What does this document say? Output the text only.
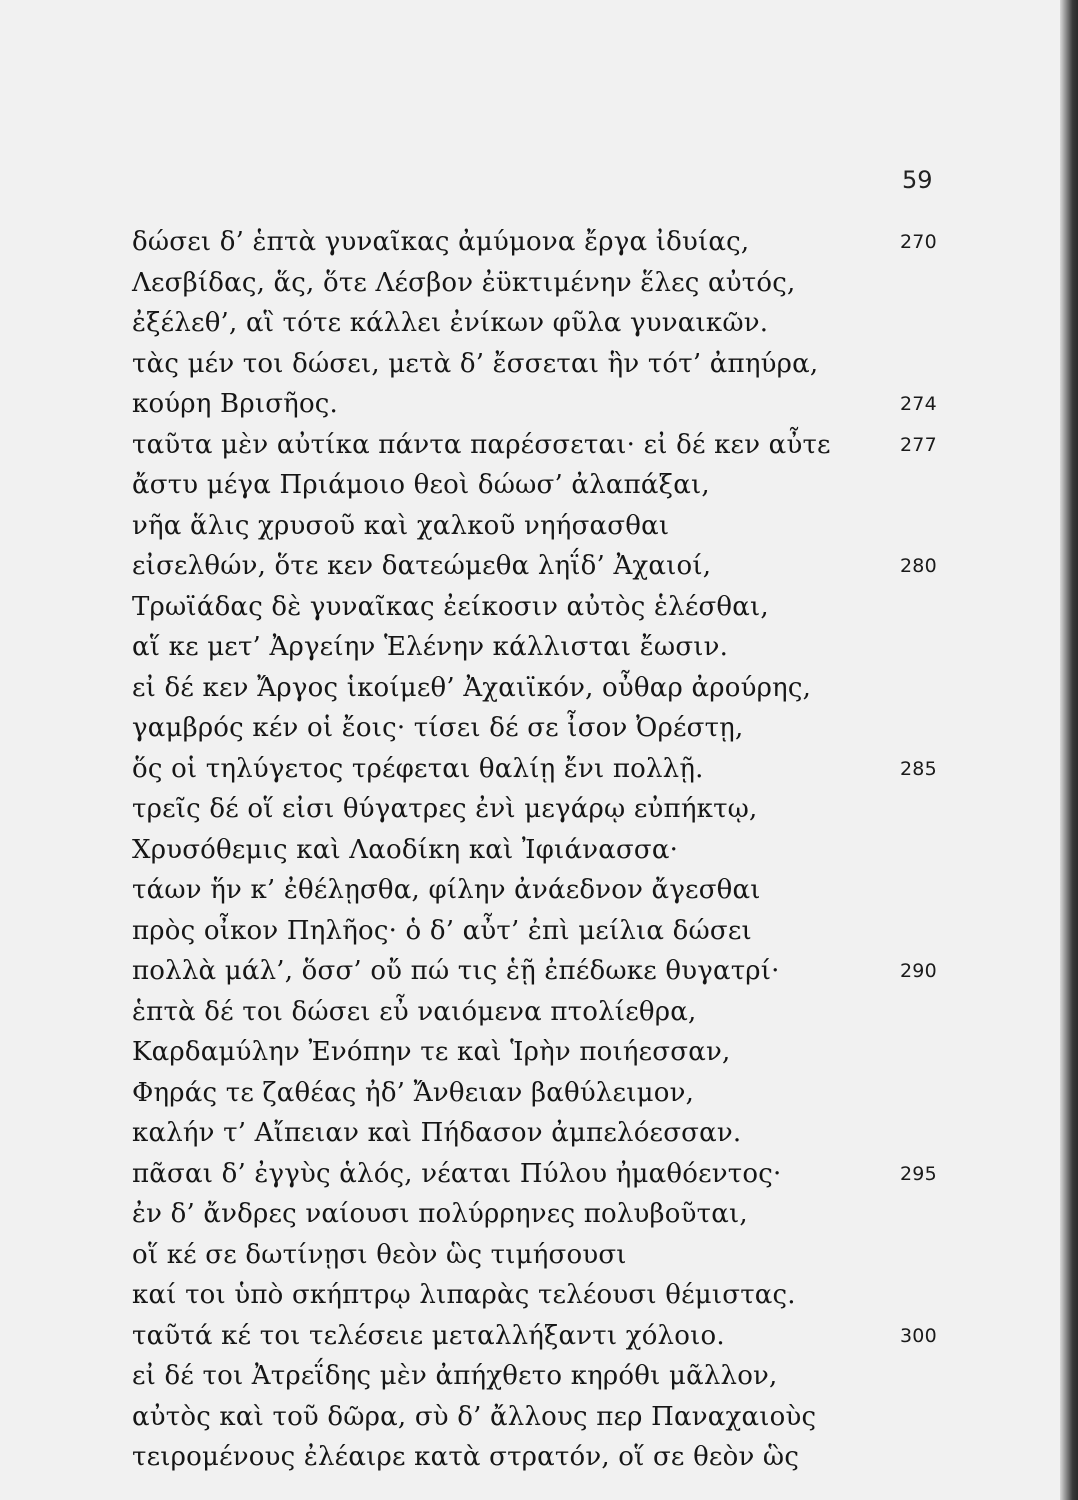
59
δώσει δ’ ἑπτὰ γυναῖκας ἀμύμονα ἔργα ἰδυίας,	270
Λεσβίδας, ἅς, ὅτε Λέσβον ἐϋκτιμένην ἕλες αὐτός,
ἐξέλεθ’, αἳ τότε κάλλει ἐνίκων φῦλα γυναικῶν.
τὰς μέν τοι δώσει, μετὰ δ’ ἔσσεται ἣν τότ’ ἀπηύρα,
κούρη Βρισῆος.	274
ταῦτα μὲν αὐτίκα πάντα παρέσσεται· εἰ δέ κεν αὖτε	277
ἄστυ μέγα Πριάμοιο θεοὶ δώωσ’ ἀλαπάξαι,
νῆα ἅλις χρυσοῦ καὶ χαλκοῦ νηήσασθαι
εἰσελθών, ὅτε κεν δατεώμεθα ληΐδ’ Ἀχαιοί,	280
Τρωϊάδας δὲ γυναῖκας ἐείκοσιν αὐτὸς ἑλέσθαι,
αἵ κε μετ’ Ἀργείην Ἑλένην κάλλισται ἔωσιν.
εἰ δέ κεν Ἄργος ἱκοίμεθ’ Ἀχαιϊκόν, οὖθαρ ἀρούρης,
γαμβρός κέν οἱ ἔοις· τίσει δέ σε ἶσον Ὀρέστῃ,
ὅς οἱ τηλύγετος τρέφεται θαλίῃ ἔνι πολλῇ.	285
τρεῖς δέ οἵ εἰσι θύγατρες ἐνὶ μεγάρῳ εὐπήκτῳ,
Χρυσόθεμις καὶ Λαοδίκη καὶ Ἰφιάνασσα·
τάων ἥν κ’ ἐθέλῃσθα, φίλην ἀνάεδνον ἄγεσθαι
πρὸς οἶκον Πηλῆος· ὁ δ’ αὖτ’ ἐπὶ μείλια δώσει
πολλὰ μάλ’, ὅσσ’ οὔ πώ τις ἑῇ ἐπέδωκε θυγατρί·	290
ἑπτὰ δέ τοι δώσει εὖ ναιόμενα πτολίεθρα,
Καρδαμύλην Ἐνόπην τε καὶ Ἱρὴν ποιήεσσαν,
Φηράς τε ζαθέας ἠδ’ Ἄνθειαν βαθύλειμον,
καλήν τ’ Αἴπειαν καὶ Πήδασον ἀμπελόεσσαν.
πᾶσαι δ’ ἐγγὺς ἁλός, νέαται Πύλου ἠμαθόεντος·	295
ἐν δ’ ἄνδρες ναίουσι πολύρρηνες πολυβοῦται,
οἵ κέ σε δωτίνῃσι θεὸν ὣς τιμήσουσι
καί τοι ὑπὸ σκήπτρῳ λιπαρὰς τελέουσι θέμιστας.
ταῦτά κέ τοι τελέσειε μεταλλήξαντι χόλοιο.	300
εἰ δέ τοι Ἀτρεΐδης μὲν ἀπήχθετο κηρόθι μᾶλλον,
αὐτὸς καὶ τοῦ δῶρα, σὺ δ’ ἄλλους περ Παναχαιοὺς
τειρομένους ἐλέαιρε κατὰ στρατόν, οἵ σε θεὸν ὣς
